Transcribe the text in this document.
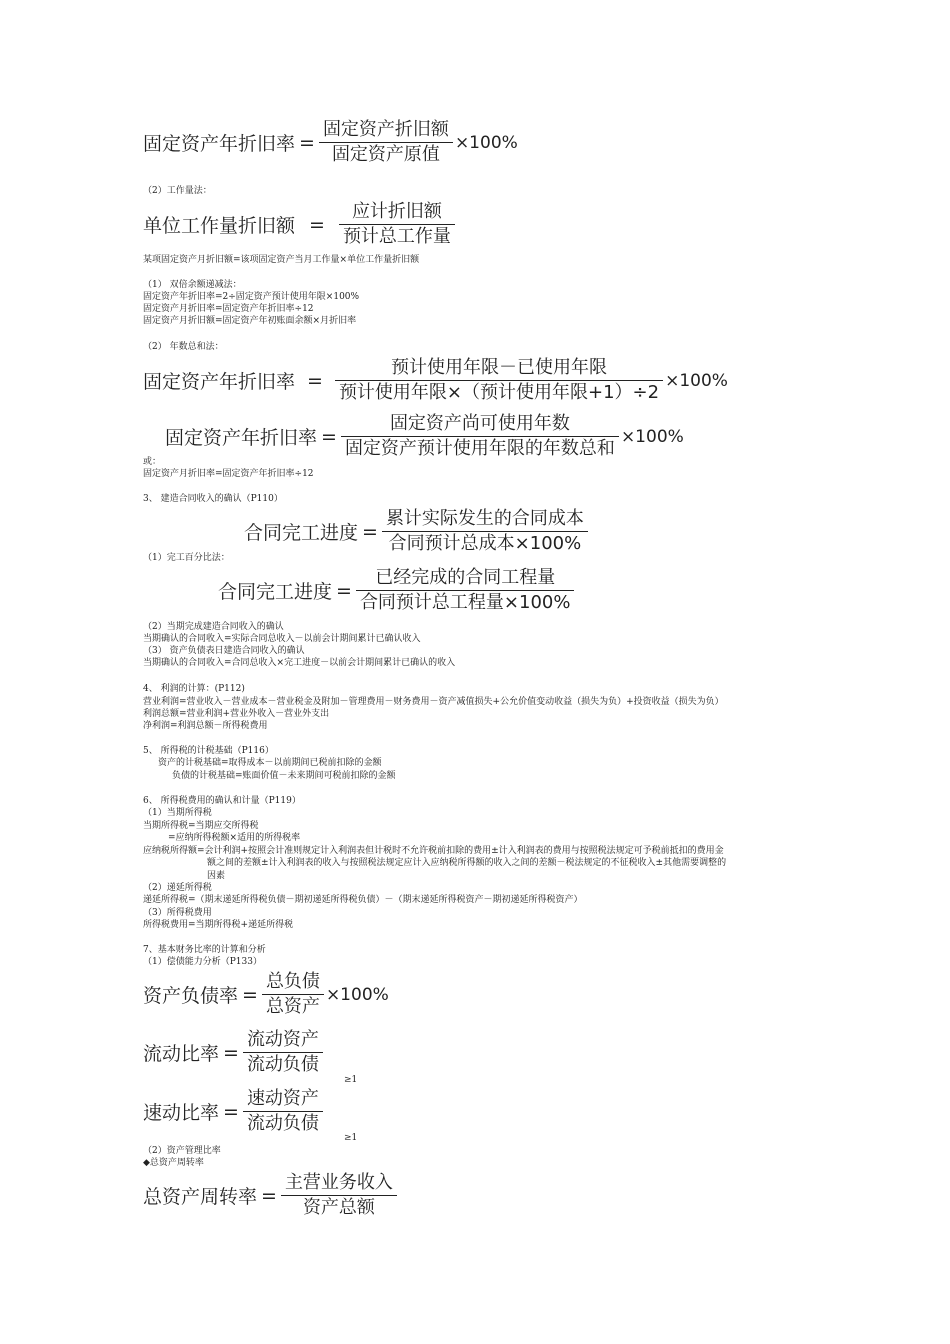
固定资产年折旧率 = $\frac{\text{固定资产折旧额}}{\text{固定资产原值}} \times 100\%$
（2）工作量法：
单位工作量折旧额 = $\frac{\text{应计折旧额}}{\text{预计总工作量}}$
某项固定资产月折旧额=该项固定资产当月工作量×单位工作量折旧额
（1） 双倍余额递减法：
固定资产年折旧率=2÷固定资产预计使用年限×100%
固定资产月折旧率=固定资产年折旧率÷12
固定资产月折旧额=固定资产年初账面余额×月折旧率
（2） 年数总和法：
固定资产年折旧率 = $\frac{\text{预计使用年限－已使用年限}}{\text{预计使用年限×（预计使用年限+1）÷2}} \times 100\%$
固定资产年折旧率 = $\frac{\text{固定资产尚可使用年数}}{\text{固定资产预计使用年限的年数总和}} \times 100\%$
或：
固定资产月折旧率=固定资产年折旧率÷12
3、 建造合同收入的确认（P110）
合同完工进度 = $\frac{\text{累计实际发生的合同成本}}{\text{合同预计总成本×100\%}}$
（1）完工百分比法：
合同完工进度 = $\frac{\text{已经完成的合同工程量}}{\text{合同预计总工程量×100\%}}$
（2）当期完成建造合同收入的确认
当期确认的合同收入=实际合同总收入－以前会计期间累计已确认收入
（3） 资产负债表日建造合同收入的确认
当期确认的合同收入=合同总收入×完工进度－以前会计期间累计已确认的收入
4、 利润的计算：(P112)
营业利润=营业收入－营业成本－营业税金及附加－管理费用－财务费用－资产减值损失+公允价值变动收益（损失为负）+投资收益（损失为负）
利润总额=营业利润+营业外收入－营业外支出
净利润=利润总额－所得税费用
5、 所得税的计税基础（P116）
资产的计税基础=取得成本－以前期间已税前扣除的金额
负债的计税基础=账面价值－未来期间可税前扣除的金额
6、 所得税费用的确认和计量（P119）
（1）当期所得税
当期所得税=当期应交所得税
=应纳所得税额×适用的所得税率
应纳税所得额=会计利润+按照会计准则规定计入利润表但计税时不允许税前扣除的费用±计入利润表的费用与按照税法规定可予税前抵扣的费用金
额之间的差额±计入利润表的收入与按照税法规定应计入应纳税所得额的收入之间的差额－税法规定的不征税收入±其他需要调整的
因素
（2）递延所得税
递延所得税=（期末递延所得税负债－期初递延所得税负债）－（期末递延所得税资产－期初递延所得税资产）
（3）所得税费用
所得税费用=当期所得税+递延所得税
7、基本财务比率的计算和分析
（1）偿债能力分析（P133）
资产负债率 = $\frac{\text{总负债}}{\text{总资产}} \times 100\%$
流动比率 = $\frac{\text{流动资产}}{\text{流动负债}}$
≥1
速动比率 = $\frac{\text{速动资产}}{\text{流动负债}}$
≥1
（2）资产管理比率
◆总资产周转率
总资产周转率 = $\frac{\text{主营业务收入}}{\text{资产总额}}$
